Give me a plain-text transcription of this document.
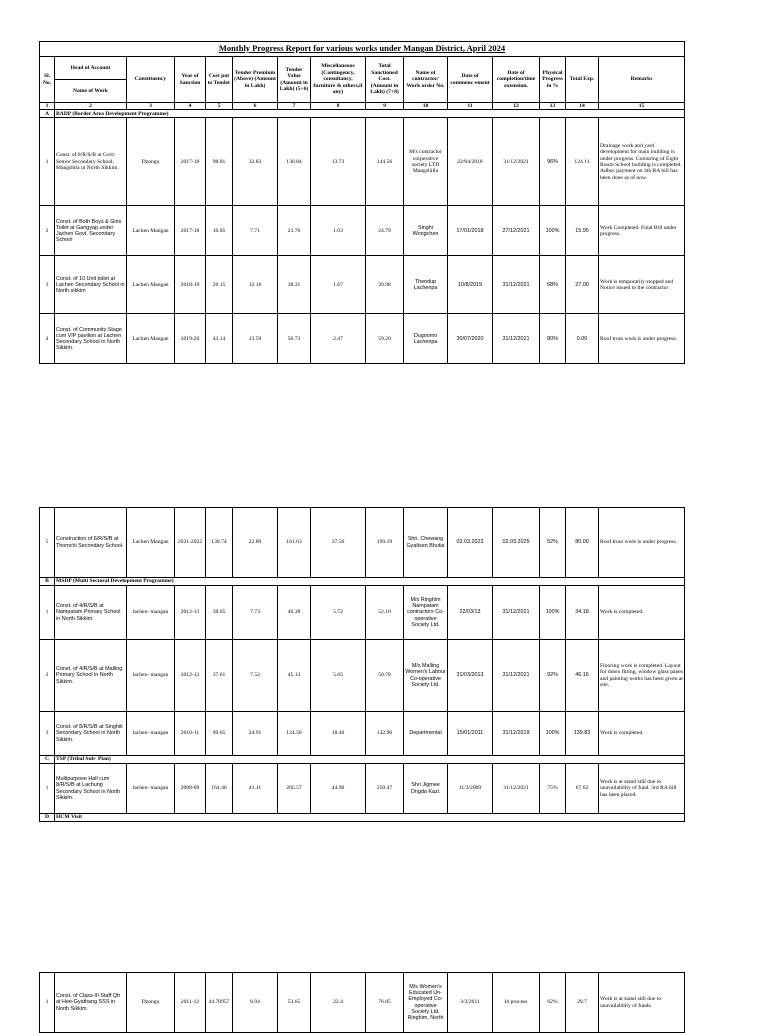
Monthly Progress Report for various works under Mangan District, April 2024														
Sl. No.	Head of Account	Constituency	Year of Sanction	Cost put to Tender	Tender Premium (Above) (Amount in Lakh)	Tender Value (Amount in Lakh) (5+6)	Miscellaneous (Contingency, consultancy, furniture & others,if any)	Total Sanctioned Cost. (Amount in Lakh) (7+8)	Name of contractor/ Work order No.	Date of commenc-ement	Date of completion/time extension.	Physical Progress in %	Total Exp.	Remarks
	Name of Work													
1	2	3	4	5	6	7	8	9	10	11	12	13	14	15
A	BADP (Border Area Development Programme)													
1	Const. of 8/R/S/B at Govt. Senior Secondary School, Mangshila in North Sikkim.	Dzongu	2017-18	98.01	32.83	130.84	13.73	144.56	M/s contractor corperative society LTD Mangshilla	22/04/2018	31/12/2021	96%	124.11	Drainage work and yard development for main building is under progress. Colouring of Eight Room School building is completed. Adhoc payment on 4th RA bill has been done as of now.
2	Const. of Both Boys & Girls Toilet at Gangyap under Jachen Govt. Secondary School	Lachen Mangan	2017-18	16.05	7.71	23.76	1.03	24.79	Singhi Wongchen	17/01/2018	27/12/2021	100%	15.95	Work Completed. Final Bill under progress.
3	Const. of 10 Unit toilet at Lachen Secondary School in North sikkim	Lachen Mangan	2018-19	26.15	12.16	38.31	1.67	39.98	Thendup Lachenpa	10/8/2019	31/12/2021	68%	27.00	Work is temporarily stopped and Notice issued to the contractor
4	Const. of Community Stage cum VIP pavilion at Lachen Secondary School in North Sikkim.	Lachen Mangan	2019-20	43.14	13.59	56.73	2.47	59.20	Dugoomo Lachenpa	30/07/2020	31/12/2021	80%	0.00	Roof truss work is under progress.
5	Construction of 6/R/S/B at Thomchi Secondary School.	Lachen Mangan	2021-2022	138.74	22.89	161.63	37.56	199.19	Shri. Chewang Gyaltsen Bhutia	03.03.2023	02.03.2025	52%	80.00	Roof truss work is under progress.
B	MSDP (Multi Sectoral Development Programme)													
1	Const. of 4/R/S/B at Nampatam Primary School in North Sikkim.	lachen- mangan	2012-13	38.65	7.73	46.38	5.72	52.10	M/s Ringhim Nampatam contractors Co-operative Society Ltd.	22/03/13	31/12/2021	100%	34.18	Work is completed.
2	Const. of 4/R/S/B at Malling Primary School in North Sikkim.	lachen- mangan	2012-13	37.61	7.52	45.13	5.65	50.78	M/s Malling Women's Labour Co-operative Society Ltd.	31/03/2013	31/12/2021	92%	46.16	Flooring work is completed. Layout for doors fitting, window glass panes and painting works has been given at site.
3	Const. of 8/R/S/B at Singhik Secondary School in North Sikkim.	lachen- mangan	2010-11	99.65	24.91	124.56	18.40	142.96	Departmental	15/01/2011	31/12/2019	100%	139.83	Work is completed.
C	TSP (Tribal Sub- Plan)													
1	Multipurpose Hall cum 8/R/S/B at Lachung Secondary School in North Sikkim.	lachen- mangan	2008-09	164.46	41.11	205.57	44.90	250.47	Shri Jigmee Ongda Kazi.	11/3/2009	31/12/2021	75%	67.62	Work is at stand still due to unavailability of fund. 3rd RA bill has been placed.
D	HCM Visit													
1	Const. of Class-III Staff Qtr at Hee-Gyathang SSS in North Sikkim.	Dzongu	2011-12	44.70957	8.94	53.65	22.4	76.05	M/s Women's Educated Un-Employed Co-operative Society Ltd. Ringhim, North	3/3/2011	In process	62%	29.7	Work is at stand still due to unavailability of funds.
